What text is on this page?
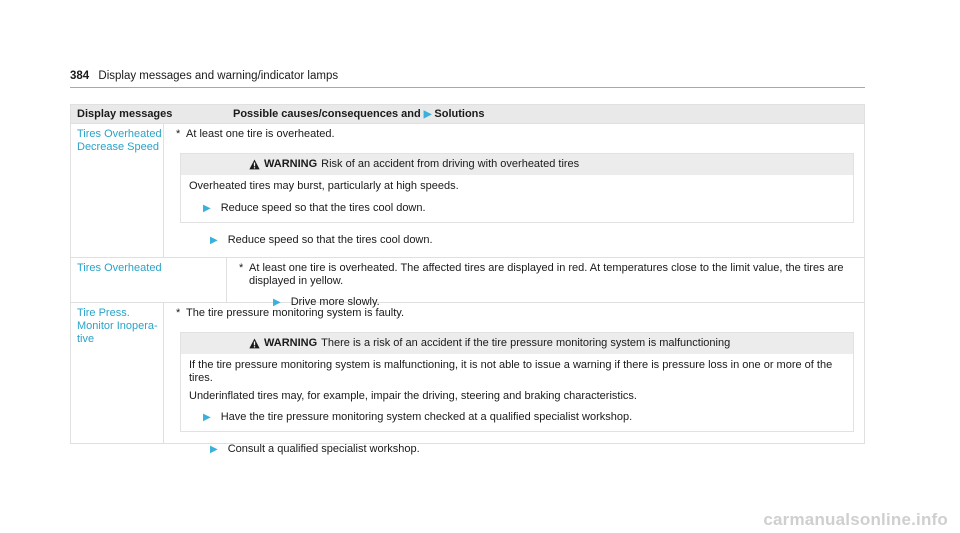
384 Display messages and warning/indicator lamps
Display messages	Possible causes/consequences and ▶ Solutions
Tires Overheated Decrease Speed
* At least one tire is overheated.
WARNING Risk of an accident from driving with overheated tires

Overheated tires may burst, particularly at high speeds.

▶ Reduce speed so that the tires cool down.
▶ Reduce speed so that the tires cool down.
Tires Overheated	* At least one tire is overheated. The affected tires are displayed in red. At temperatures close to the limit value, the tires are displayed in yellow.
▶ Drive more slowly.
Tire Press. Monitor Inopera-tive
* The tire pressure monitoring system is faulty.
WARNING There is a risk of an accident if the tire pressure monitoring system is malfunctioning

If the tire pressure monitoring system is malfunctioning, it is not able to issue a warning if there is pressure loss in one or more of the tires.

Underinflated tires may, for example, impair the driving, steering and braking characteristics.

▶ Have the tire pressure monitoring system checked at a qualified specialist workshop.
▶ Consult a qualified specialist workshop.
carmanualsonline.info
